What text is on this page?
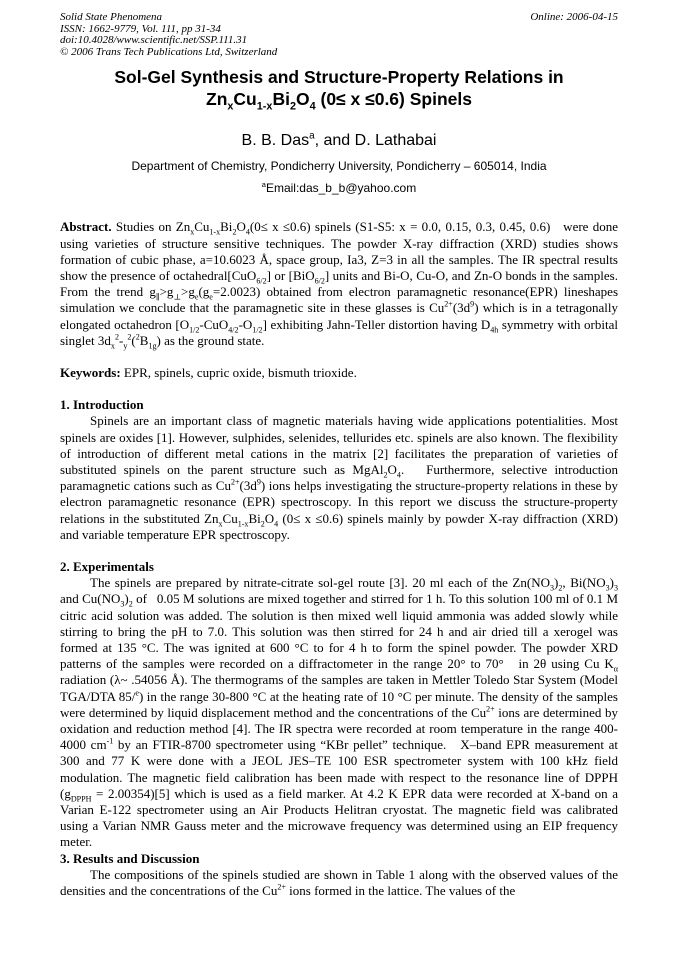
Solid State Phenomena	Online: 2006-04-15
ISSN: 1662-9779, Vol. 111, pp 31-34
doi:10.4028/www.scientific.net/SSP.111.31
© 2006 Trans Tech Publications Ltd, Switzerland
Sol-Gel Synthesis and Structure-Property Relations in
$Zn_xCu_{1-x}Bi_2O_4$ (0≤ x ≤0.6) Spinels
B. B. Das$^a$, and D. Lathabai
Department of Chemistry, Pondicherry University, Pondicherry – 605014, India
$^a$Email:das_b_b@yahoo.com

Abstract. Studies on $Zn_xCu_{1-x}Bi_2O_4(0\le x \le 0.6)$ spinels (S1-S5: x = 0.0, 0.15, 0.3, 0.45, 0.6)   were done using varieties of structure sensitive techniques. The powder X-ray diffraction (XRD) studies shows formation of cubic phase, a=10.6023 Å, space group, Ia3, Z=3 in all the samples. The IR spectral results show the presence of octahedral[CuO$_{6/2}$] or [BiO$_{6/2}$] units and Bi-O, Cu-O, and Zn-O bonds in the samples. From the trend $g_\parallel>g_\perp>g_e(g_e=2.0023)$ obtained from electron paramagnetic resonance(EPR) lineshapes simulation we conclude that the paramagnetic site in these glasses is $Cu^{2+}(3d^9)$ which is in a tetragonally elongated octahedron $[O_{1/2}-CuO_{4/2}-O_{1/2}]$ exhibiting Jahn-Teller distortion having $D_{4h}$ symmetry with orbital singlet $3d_x^2-_y^2(^2B_{1g})$ as the ground state.

Keywords: EPR, spinels, cupric oxide, bismuth trioxide.

1. Introduction

Spinels are an important class of magnetic materials having wide applications potentialities. Most spinels are oxides [1]. However, sulphides, selenides, tellurides etc. spinels are also known. The flexibility of introduction of different metal cations in the matrix [2] facilitates the preparation of varieties of substituted spinels on the parent structure such as $MgAl_2O_4$.   Furthermore, selective introduction paramagnetic cations such as $Cu^{2+}(3d^9)$ ions helps investigating the structure-property relations in these by electron paramagnetic resonance (EPR) spectroscopy. In this report we discuss the structure-property relations in the substituted $Zn_xCu_{1-x}Bi_2O_4$ (0≤ x ≤0.6) spinels mainly by powder X-ray diffraction (XRD) and variable temperature EPR spectroscopy.

2. Experimentals

The spinels are prepared by nitrate-citrate sol-gel route [3]. 20 ml each of the $Zn(NO_3)_2$, $Bi(NO_3)_3$ and $Cu(NO_3)_2$ of   0.05 M solutions are mixed together and stirred for 1 h. To this solution 100 ml of 0.1 M citric acid solution was added. The solution is then mixed well liquid ammonia was added slowly while stirring to bring the pH to 7.0. This solution was then stirred for 24 h and air dried till a xerogel was formed at 135 °C. The was ignited at 600 °C to for 4 h to form the spinel powder. The powder XRD patterns of the samples were recorded on a diffractometer in the range 20° to 70°   in 2θ using Cu $K_\alpha$ radiation (λ~ .54056 Å). The thermograms of the samples are taken in Mettler Toledo Star System (Model TGA/DTA 85/$^e$) in the range 30-800 °C at the heating rate of 10 °C per minute. The density of the samples were determined by liquid displacement method and the concentrations of the $Cu^{2+}$ ions are determined by oxidation and reduction method [4]. The IR spectra were recorded at room temperature in the range 400-4000 $cm^{-1}$ by an FTIR-8700 spectrometer using “KBr pellet” technique.   X–band EPR measurement at 300 and 77 K were done with a JEOL JES–TE 100 ESR spectrometer system with 100 kHz field modulation. The magnetic field calibration has been made with respect to the resonance line of DPPH $(g_{DPPH} = 2.00354)[5]$ which is used as a field marker. At 4.2 K EPR data were recorded at X-band on a Varian E-122 spectrometer using an Air Products Helitran cryostat. The magnetic field was calibrated using a Varian NMR Gauss meter and the microwave frequency was determined using an EIP frequency meter.

3. Results and Discussion

The compositions of the spinels studied are shown in Table 1 along with the observed values of the densities and the concentrations of the $Cu^{2+}$ ions formed in the lattice. The values of the
